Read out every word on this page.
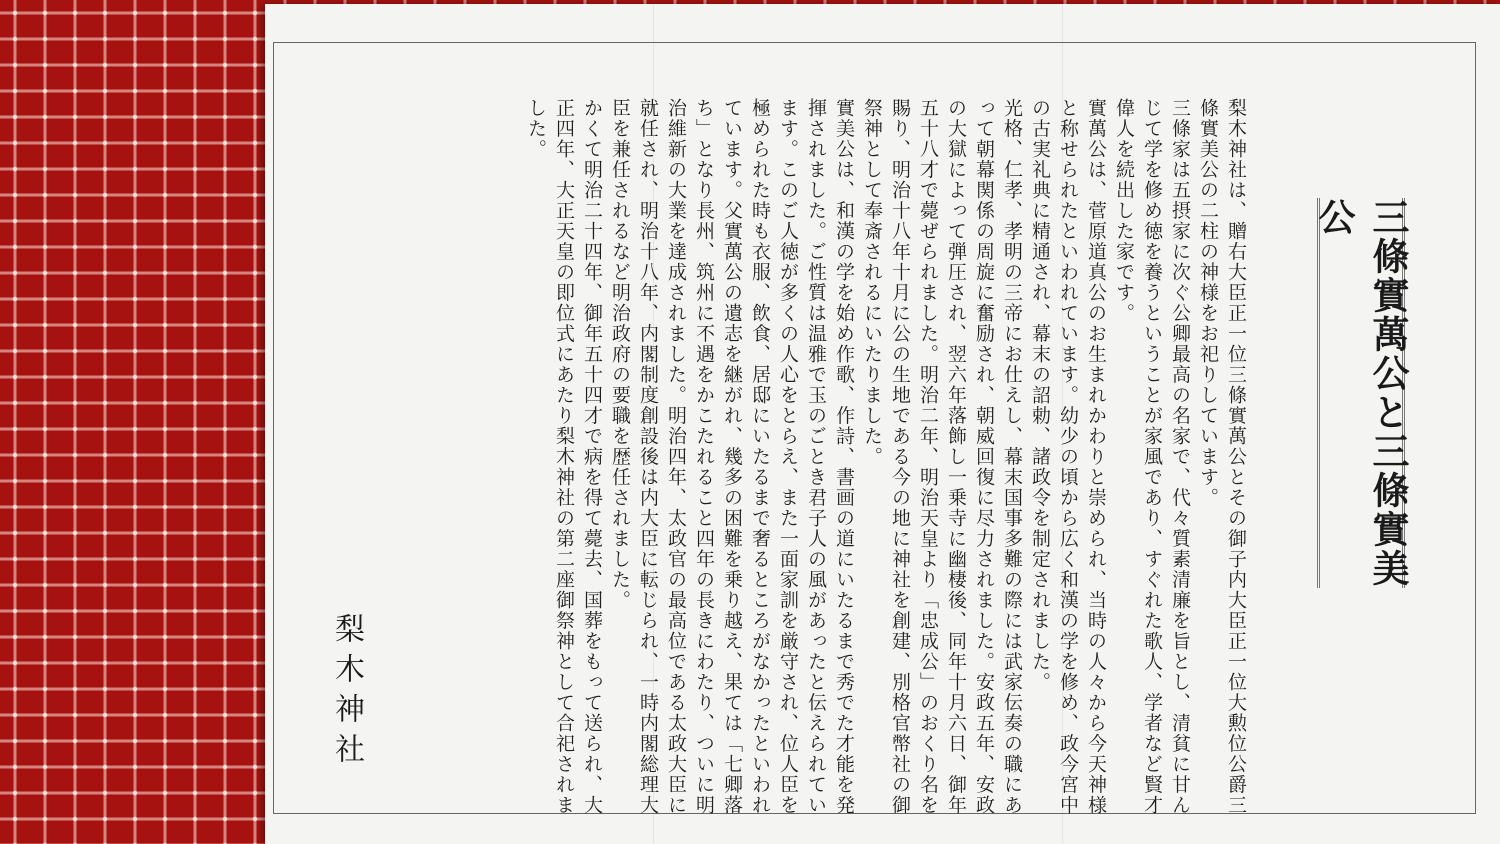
三條實萬公と三條實美公

梨木神社は、贈右大臣正一位三條實萬公とその御子内大臣正一位大勲位公爵三條實美公の二柱の神様をお祀りしています。

三條家は五摂家に次ぐ公卿最高の名家で、代々質素清廉を旨とし、清貧に甘んじて学を修め徳を養うということが家風であり、すぐれた歌人、学者など賢才偉人を続出した家です。

實萬公は、菅原道真公のお生まれかわりと崇められ、当時の人々から今天神様と称せられたといわれています。幼少の頃から広く和漢の学を修め、政今宮中の古実礼典に精通され、幕末の詔勅、諸政令を制定されました。

光格、仁孝、孝明の三帝にお仕えし、幕末国事多難の際には武家伝奏の職にあって朝幕関係の周旋に奮励され、朝威回復に尽力されました。安政五年、安政の大獄によって弾圧され、翌六年落飾し一乗寺に幽棲後、同年十月六日、御年五十八才で薨ぜられました。明治二年、明治天皇より「忠成公」のおくり名を賜り、明治十八年十月に公の生地である今の地に神社を創建、別格官幣社の御祭神として奉斎されるにいたりました。

實美公は、和漢の学を始め作歌、作詩、書画の道にいたるまで秀でた才能を発揮されました。ご性質は温雅で玉のごとき君子人の風があったと伝えられています。このご人徳が多くの人心をとらえ、また一面家訓を厳守され、位人臣を極められた時も衣服、飲食、居邸にいたるまで奢るところがなかったといわれています。父實萬公の遺志を継がれ、幾多の困難を乗り越え、果ては「七卿落ち」となり長州、筑州に不遇をかこたれること四年の長きにわたり、ついに明治維新の大業を達成されました。明治四年、太政官の最高位である太政大臣に就任され、明治十八年、内閣制度創設後は内大臣に転じられ、一時内閣総理大臣を兼任されるなど明治政府の要職を歴任されました。

かくて明治二十四年、御年五十四才で病を得て薨去、国葬をもって送られ、大正四年、大正天皇の即位式にあたり梨木神社の第二座御祭神として合祀されました。

梨木神社
